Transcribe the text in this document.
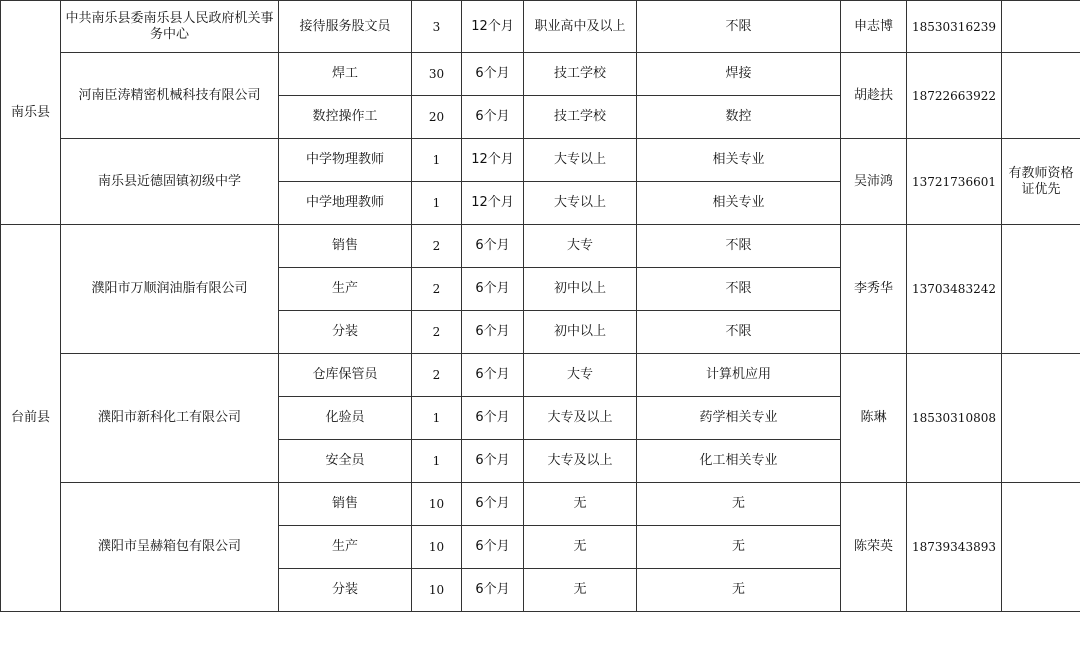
南乐县	中共南乐县委南乐县人民政府机关事务中心	接待服务股文员	3	12个月	职业高中及以上	不限	申志博	18530316239	
	河南臣涛精密机械科技有限公司	焊工	30	6个月	技工学校	焊接	胡趁扶	18722663922	
		数控操作工	20	6个月	技工学校	数控			
	南乐县近德固镇初级中学	中学物理教师	1	12个月	大专以上	相关专业	吴沛鸿	13721736601	有教师资格证优先
		中学地理教师	1	12个月	大专以上	相关专业			
台前县	濮阳市万顺润油脂有限公司	销售	2	6个月	大专	不限	李秀华	13703483242	
		生产	2	6个月	初中以上	不限			
		分装	2	6个月	初中以上	不限			
	濮阳市新科化工有限公司	仓库保管员	2	6个月	大专	计算机应用	陈琳	18530310808	
		化验员	1	6个月	大专及以上	药学相关专业			
		安全员	1	6个月	大专及以上	化工相关专业			
	濮阳市呈赫箱包有限公司	销售	10	6个月	无	无	陈荣英	18739343893	
		生产	10	6个月	无	无			
		分装	10	6个月	无	无			
